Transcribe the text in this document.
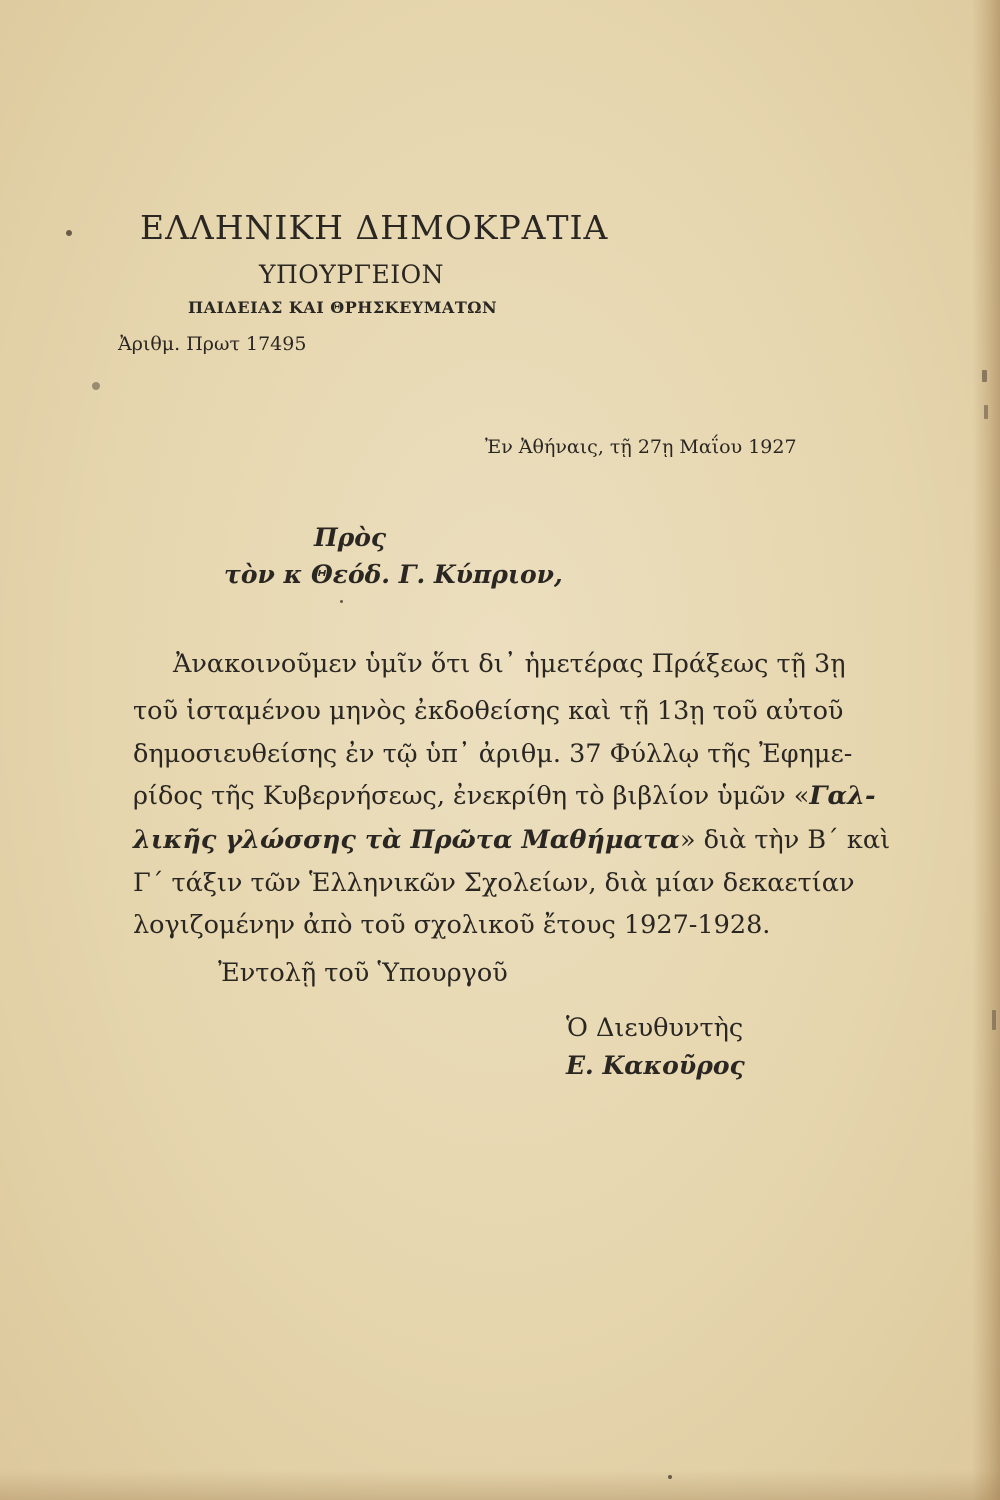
ΕΛΛΗΝΙΚΗ ΔΗΜΟΚΡΑΤΙΑ
ΥΠΟΥΡΓΕΙΟΝ
ΠΑΙΔΕΙΑΣ ΚΑΙ ΘΡΗΣΚΕΥΜΑΤΩΝ
Ἀριθμ. Πρωτ 17495
Ἐν Ἀθήναις, τῇ 27ῃ Μαΐου 1927
Πρὸς
τὸν κ Θεόδ. Γ. Κύπριον,
Ἀνακοινοῦμεν ὑμῖν ὅτι δι᾽ ἡμετέρας Πράξεως τῇ 3ῃ
τοῦ ἱσταμένου μηνὸς ἐκδοθείσης καὶ τῇ 13ῃ τοῦ αὐτοῦ
δημοσιευθείσης ἐν τῷ ὑπ᾽ ἀριθμ. 37 Φύλλῳ τῆς Ἐφημε-
ρίδος τῆς Κυβερνήσεως, ἐνεκρίθη τὸ βιβλίον ὑμῶν «Γαλ-
λικῆς γλώσσης τὰ Πρῶτα Μαθήματα» διὰ τὴν Β΄ καὶ
Γ΄ τάξιν τῶν Ἑλληνικῶν Σχολείων, διὰ μίαν δεκαετίαν
λογιζομένην ἀπὸ τοῦ σχολικοῦ ἔτους 1927-1928.
Ἐντολῇ τοῦ Ὑπουργοῦ
Ὁ Διευθυντὴς
Ε. Κακοῦρος
